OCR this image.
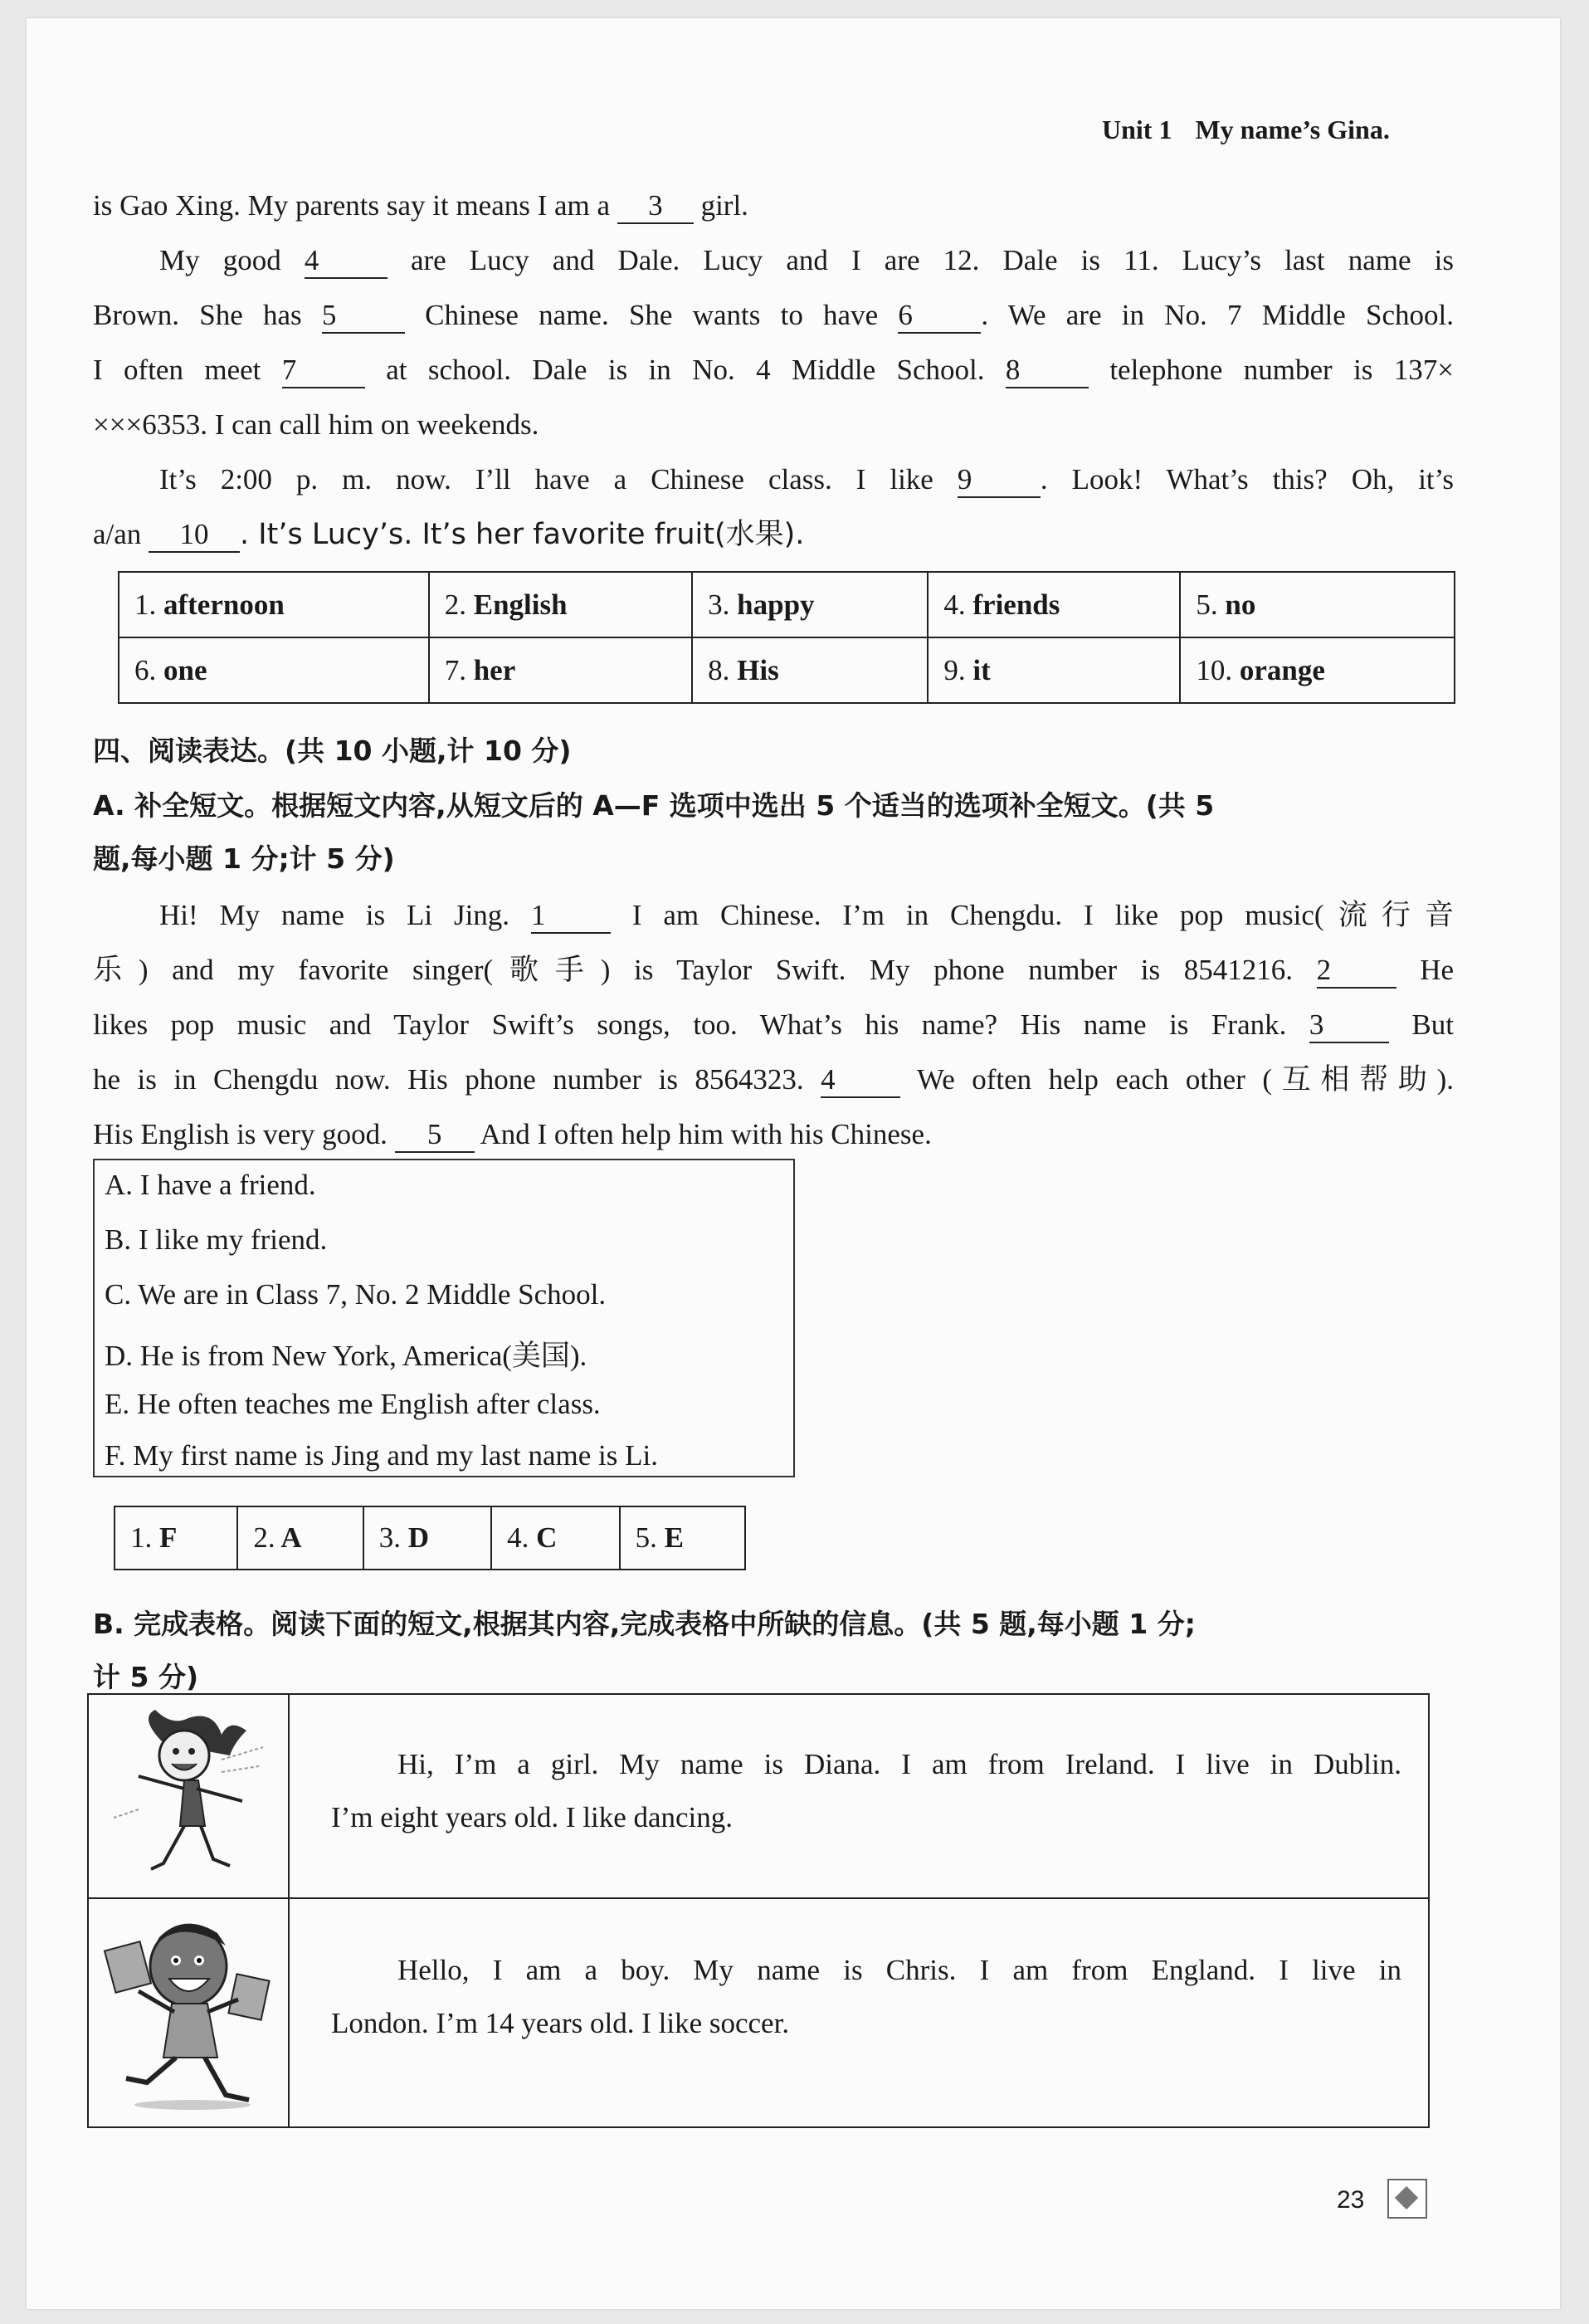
Unit 1 My name’s Gina.
is Gao Xing. My parents say it means I am a 3 girl.
My good 4	are Lucy and Dale. Lucy and I are 12. Dale is 11. Lucy’s last name is
Brown. She has 5	Chinese name. She wants to have 6 . We are in No. 7 Middle School.
I often meet 7	at school. Dale is in No. 4 Middle School. 8	telephone number is 137×
×××6353. I can call him on weekends.
It’s 2:00 p. m. now. I’ll have a Chinese class. I like 9 . Look! What’s this? Oh, it’s
a/an 10 . It’s Lucy’s. It’s her favorite fruit(水果).
1. afternoon	2. English	3. happy	4. friends	5. no
6. one	7. her	8. His	9. it	10. orange
四、阅读表达。(共 10 小题,计 10 分)
A. 补全短文。根据短文内容,从短文后的 A—F 选项中选出 5 个适当的选项补全短文。(共 5
题,每小题 1 分;计 5 分)
Hi! My name is Li Jing. 1	I am Chinese. I’m in Chengdu. I like pop music(流行音
乐) and my favorite singer(歌手) is Taylor Swift. My phone number is 8541216. 2	He
likes pop music and Taylor Swift’s songs, too. What’s his name? His name is Frank. 3	But
he is in Chengdu now. His phone number is 8564323. 4	We often help each other (互相帮助).
His English is very good. 5 And I often help him with his Chinese.
A. I have a friend.
B. I like my friend.
C. We are in Class 7, No. 2 Middle School.
D. He is from New York, America(美国).
E. He often teaches me English after class.
F. My first name is Jing and my last name is Li.
1. F	2. A	3. D	4. C	5. E
B. 完成表格。阅读下面的短文,根据其内容,完成表格中所缺的信息。(共 5 题,每小题 1 分;
计 5 分)
Hi, I’m a girl. My name is Diana. I am from Ireland. I live in Dublin.
I’m eight years old. I like dancing.
Hello, I am a boy. My name is Chris. I am from England. I live in
London. I’m 14 years old. I like soccer.
23
